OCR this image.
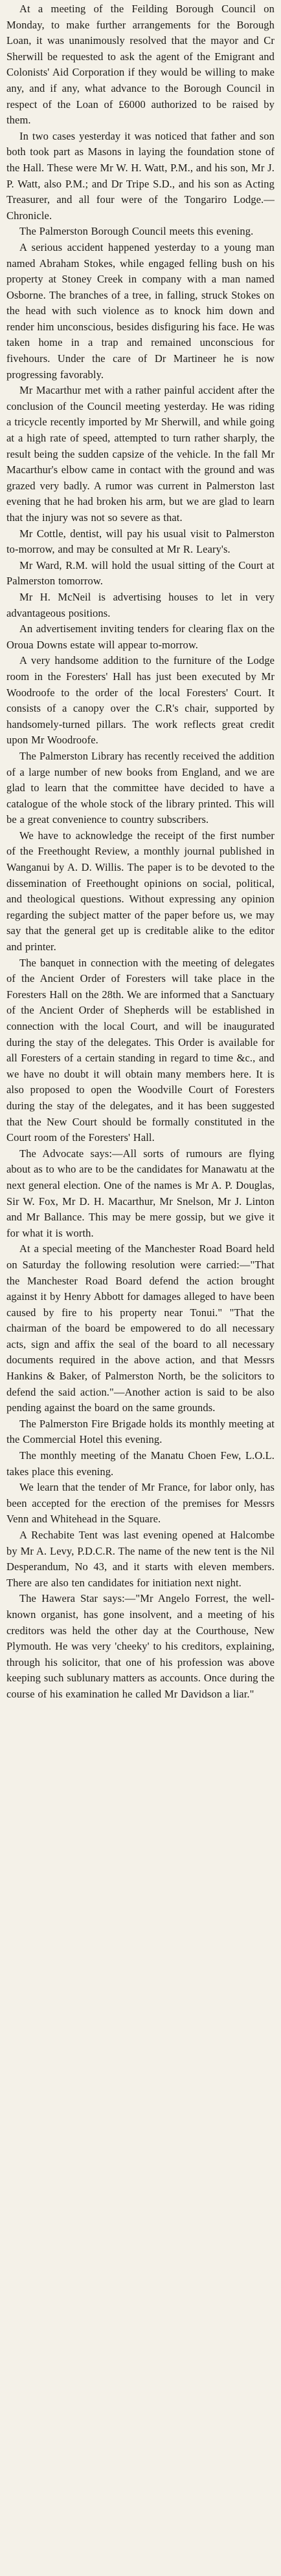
At a meeting of the Feilding Borough Council on Monday, to make further arrangements for the Borough Loan, it was unanimously resolved that the mayor and Cr Sherwill be requested to ask the agent of the Emigrant and Colonists' Aid Corporation if they would be willing to make any, and if any, what advance to the Borough Council in respect of the Loan of £6000 authorized to be raised by them.

In two cases yesterday it was noticed that father and son both took part as Masons in laying the foundation stone of the Hall. These were Mr W. H. Watt, P.M., and his son, Mr J. P. Watt, also P.M.; and Dr Tripe S.D., and his son as Acting Treasurer, and all four were of the Tongariro Lodge.—Chronicle.

The Palmerston Borough Council meets this evening.

A serious accident happened yesterday to a young man named Abraham Stokes, while engaged felling bush on his property at Stoney Creek in company with a man named Osborne. The branches of a tree, in falling, struck Stokes on the head with such violence as to knock him down and render him unconscious, besides disfiguring his face. He was taken home in a trap and remained unconscious for fivehours. Under the care of Dr Martineer he is now progressing favorably.

Mr Macarthur met with a rather painful accident after the conclusion of the Council meeting yesterday. He was riding a tricycle recently imported by Mr Sherwill, and while going at a high rate of speed, attempted to turn rather sharply, the result being the sudden capsize of the vehicle. In the fall Mr Macarthur's elbow came in contact with the ground and was grazed very badly. A rumor was current in Palmerston last evening that he had broken his arm, but we are glad to learn that the injury was not so severe as that.

Mr Cottle, dentist, will pay his usual visit to Palmerston to-morrow, and may be consulted at Mr R. Leary's.

Mr Ward, R.M. will hold the usual sitting of the Court at Palmerston tomorrow.

Mr H. McNeil is advertising houses to let in very advantageous positions.

An advertisement inviting tenders for clearing flax on the Oroua Downs estate will appear to-morrow.

A very handsome addition to the furniture of the Lodge room in the Foresters' Hall has just been executed by Mr Woodroofe to the order of the local Foresters' Court. It consists of a canopy over the C.R's chair, supported by handsomely-turned pillars. The work reflects great credit upon Mr Woodroofe.

The Palmerston Library has recently received the addition of a large number of new books from England, and we are glad to learn that the committee have decided to have a catalogue of the whole stock of the library printed. This will be a great convenience to country subscribers.

We have to acknowledge the receipt of the first number of the Freethought Review, a monthly journal published in Wanganui by A. D. Willis. The paper is to be devoted to the dissemination of Freethought opinions on social, political, and theological questions. Without expressing any opinion regarding the subject matter of the paper before us, we may say that the general get up is creditable alike to the editor and printer.

The banquet in connection with the meeting of delegates of the Ancient Order of Foresters will take place in the Foresters Hall on the 28th. We are informed that a Sanctuary of the Ancient Order of Shepherds will be established in connection with the local Court, and will be inaugurated during the stay of the delegates. This Order is available for all Foresters of a certain standing in regard to time &c., and we have no doubt it will obtain many members here. It is also proposed to open the Woodville Court of Foresters during the stay of the delegates, and it has been suggested that the New Court should be formally constituted in the Court room of the Foresters' Hall.

The Advocate says:—All sorts of rumours are flying about as to who are to be the candidates for Manawatu at the next general election. One of the names is Mr A. P. Douglas, Sir W. Fox, Mr D. H. Macarthur, Mr Snelson, Mr J. Linton and Mr Ballance. This may be mere gossip, but we give it for what it is worth.

At a special meeting of the Manchester Road Board held on Saturday the following resolution were carried:—"That the Manchester Road Board defend the action brought against it by Henry Abbott for damages alleged to have been caused by fire to his property near Tonui." "That the chairman of the board be empowered to do all necessary acts, sign and affix the seal of the board to all necessary documents required in the above action, and that Messrs Hankins & Baker, of Palmerston North, be the solicitors to defend the said action."—Another action is said to be also pending against the board on the same grounds.

The Palmerston Fire Brigade holds its monthly meeting at the Commercial Hotel this evening.

The monthly meeting of the Manatu Choen Few, L.O.L. takes place this evening.

We learn that the tender of Mr France, for labor only, has been accepted for the erection of the premises for Messrs Venn and Whitehead in the Square.

A Rechabite Tent was last evening opened at Halcombe by Mr A. Levy, P.D.C.R. The name of the new tent is the Nil Desperandum, No 43, and it starts with eleven members. There are also ten candidates for initiation next night.

The Hawera Star says:—"Mr Angelo Forrest, the well-known organist, has gone insolvent, and a meeting of his creditors was held the other day at the Courthouse, New Plymouth. He was very 'cheeky' to his creditors, explaining, through his solicitor, that one of his profession was above keeping such sublunary matters as accounts. Once during the course of his examination he called Mr Davidson a liar."
